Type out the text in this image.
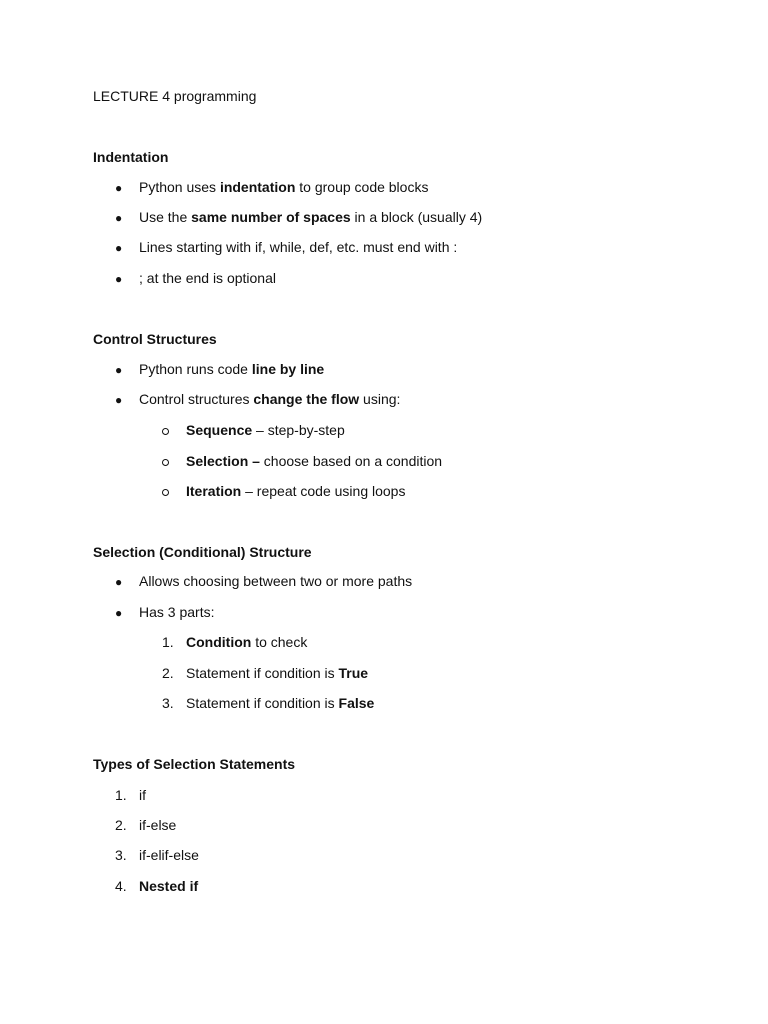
LECTURE 4 programming
Indentation
● Python uses indentation to group code blocks
● Use the same number of spaces in a block (usually 4)
● Lines starting with if, while, def, etc. must end with :
● ; at the end is optional
Control Structures
● Python runs code line by line
● Control structures change the flow using:
Sequence – step-by-step
Selection – choose based on a condition
Iteration – repeat code using loops
Selection (Conditional) Structure
● Allows choosing between two or more paths
● Has 3 parts:
1. Condition to check
2. Statement if condition is True
3. Statement if condition is False
Types of Selection Statements
1. if
2. if-else
3. if-elif-else
4. Nested if
